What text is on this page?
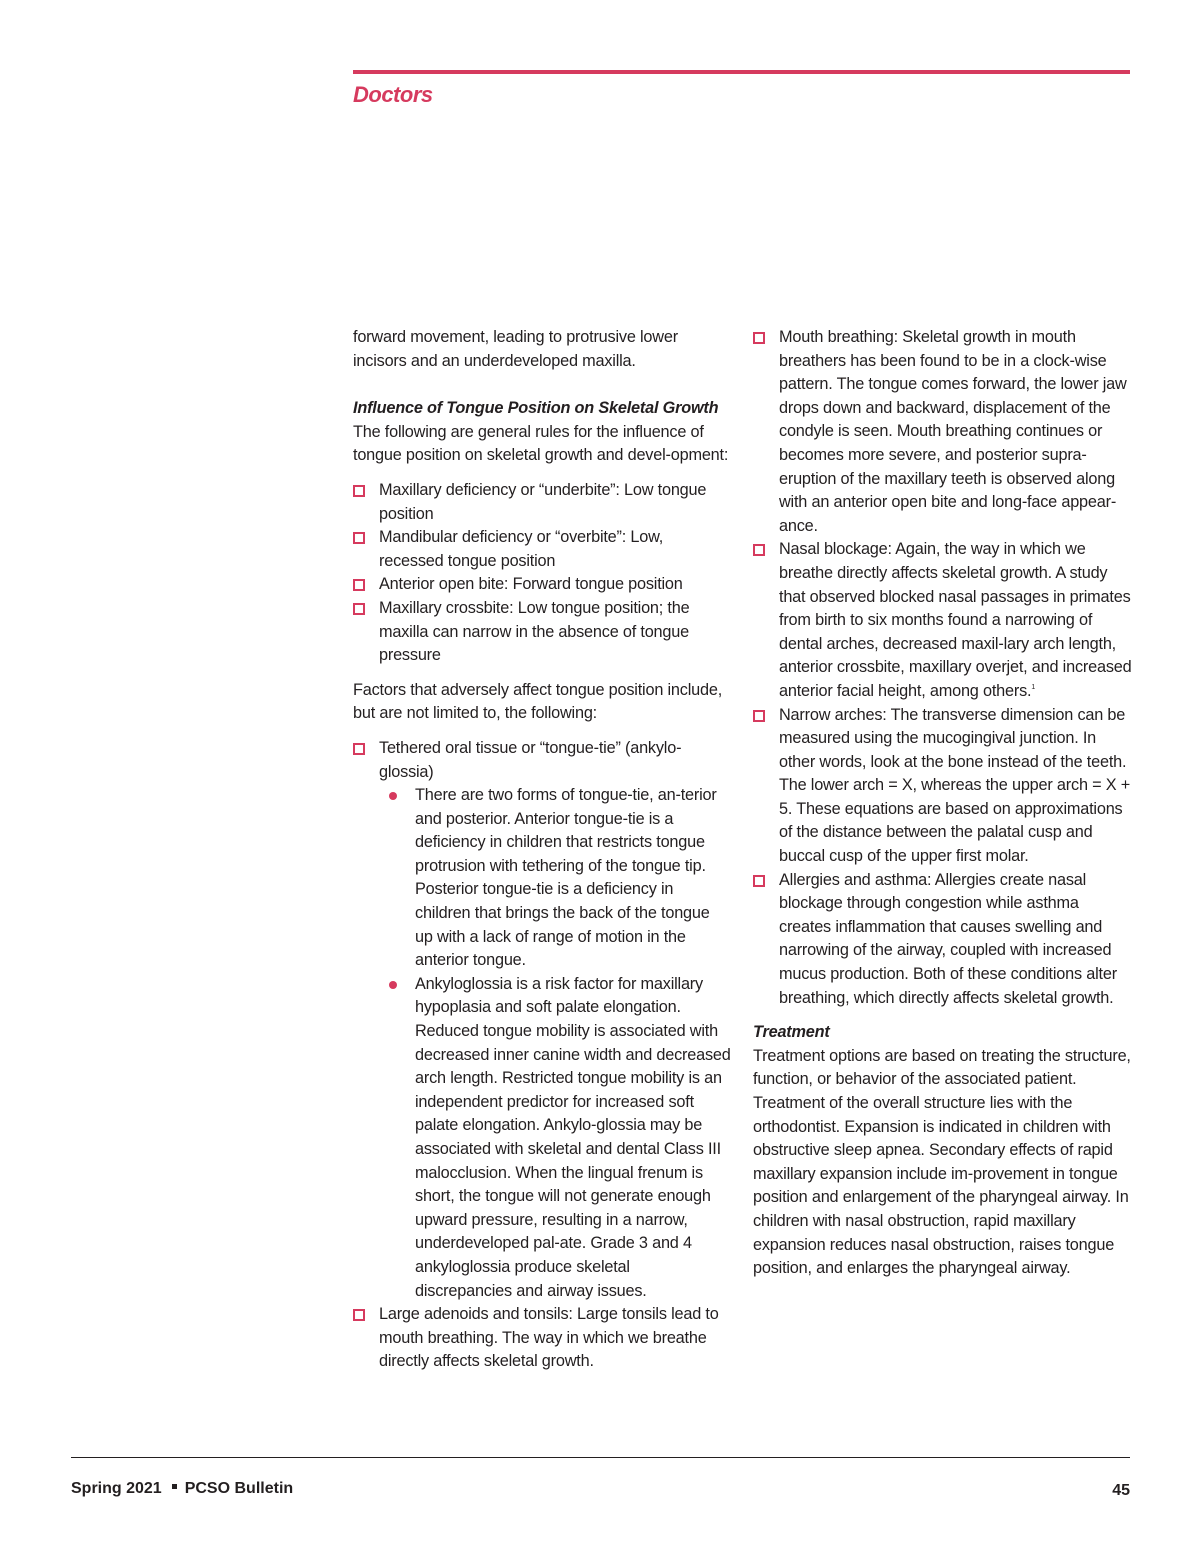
Doctors

forward movement, leading to protrusive lower incisors and an underdeveloped maxilla.

Influence of Tongue Position on Skeletal Growth

The following are general rules for the influence of tongue position on skeletal growth and devel-opment:

Maxillary deficiency or “underbite”: Low tongue position
Mandibular deficiency or “overbite”: Low, recessed tongue position
Anterior open bite: Forward tongue position
Maxillary crossbite: Low tongue position; the maxilla can narrow in the absence of tongue pressure

Factors that adversely affect tongue position include, but are not limited to, the following:

Tethered oral tissue or “tongue-tie” (ankylo-glossia)
There are two forms of tongue-tie, an-terior and posterior. Anterior tongue-tie is a deficiency in children that restricts tongue protrusion with tethering of the tongue tip. Posterior tongue-tie is a deficiency in children that brings the back of the tongue up with a lack of range of motion in the anterior tongue.
Ankyloglossia is a risk factor for maxillary hypoplasia and soft palate elongation. Reduced tongue mobility is associated with decreased inner canine width and decreased arch length. Restricted tongue mobility is an independent predictor for increased soft palate elongation. Ankylo-glossia may be associated with skeletal and dental Class III malocclusion. When the lingual frenum is short, the tongue will not generate enough upward pressure, resulting in a narrow, underdeveloped pal-ate. Grade 3 and 4 ankyloglossia produce skeletal discrepancies and airway issues.
Large adenoids and tonsils: Large tonsils lead to mouth breathing. The way in which we breathe directly affects skeletal growth.
Mouth breathing: Skeletal growth in mouth breathers has been found to be in a clock-wise pattern. The tongue comes forward, the lower jaw drops down and backward, displacement of the condyle is seen. Mouth breathing continues or becomes more severe, and posterior supra-eruption of the maxillary teeth is observed along with an anterior open bite and long-face appear-ance.
Nasal blockage: Again, the way in which we breathe directly affects skeletal growth. A study that observed blocked nasal passages in primates from birth to six months found a narrowing of dental arches, decreased maxil-lary arch length, anterior crossbite, maxillary overjet, and increased anterior facial height, among others.$^1$
Narrow arches: The transverse dimension can be measured using the mucogingival junction. In other words, look at the bone instead of the teeth. The lower arch = X, whereas the upper arch = X + 5. These equations are based on approximations of the distance between the palatal cusp and buccal cusp of the upper first molar.
Allergies and asthma: Allergies create nasal blockage through congestion while asthma creates inflammation that causes swelling and narrowing of the airway, coupled with increased mucus production. Both of these conditions alter breathing, which directly affects skeletal growth.
Treatment

Treatment options are based on treating the structure, function, or behavior of the associated patient. Treatment of the overall structure lies with the orthodontist. Expansion is indicated in children with obstructive sleep apnea. Secondary effects of rapid maxillary expansion include im-provement in tongue position and enlargement of the pharyngeal airway. In children with nasal obstruction, rapid maxillary expansion reduces nasal obstruction, raises tongue position, and enlarges the pharyngeal airway.

Spring 2021 PCSO Bulletin	45
